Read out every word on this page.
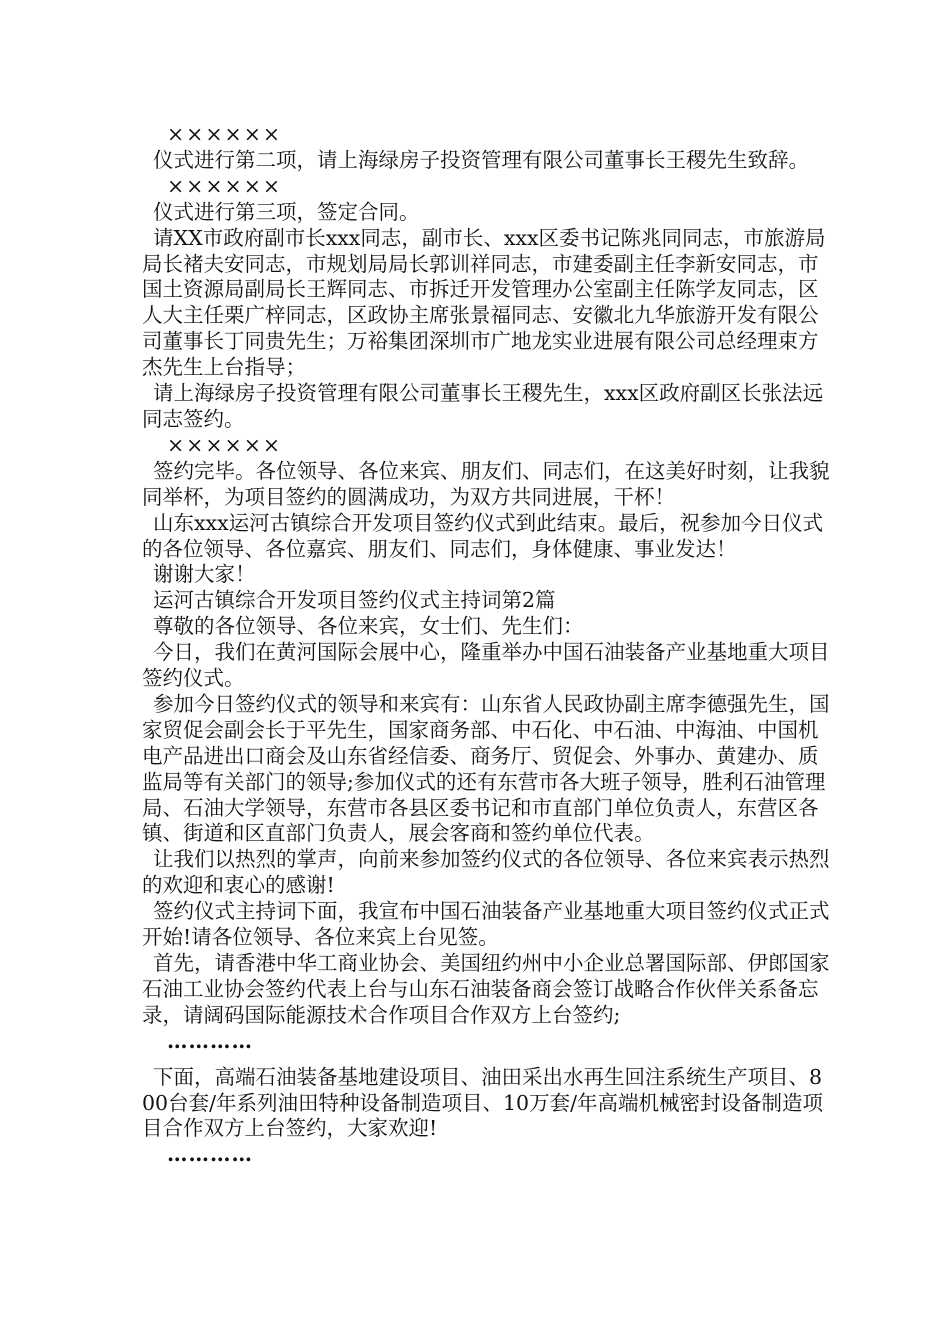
××××××

仪式进行第二项，请上海绿房子投资管理有限公司董事长王稷先生致辞。

××××××

仪式进行第三项，签定合同。

请XX市政府副市长xxx同志，副市长、xxx区委书记陈兆同同志，市旅游局局长褚夫安同志，市规划局局长郭训祥同志，市建委副主任李新安同志，市国土资源局副局长王辉同志、市拆迁开发管理办公室副主任陈学友同志，区人大主任栗广梓同志，区政协主席张景福同志、安徽北九华旅游开发有限公司董事长丁同贵先生；万裕集团深圳市广地龙实业进展有限公司总经理束方杰先生上台指导；

请上海绿房子投资管理有限公司董事长王稷先生，xxx区政府副区长张法远同志签约。

××××××

签约完毕。各位领导、各位来宾、朋友们、同志们，在这美好时刻，让我貌同举杯，为项目签约的圆满成功，为双方共同进展，干杯！

山东xxx运河古镇综合开发项目签约仪式到此结束。最后，祝参加今日仪式的各位领导、各位嘉宾、朋友们、同志们，身体健康、事业发达！

谢谢大家！

运河古镇综合开发项目签约仪式主持词第2篇

尊敬的各位领导、各位来宾，女士们、先生们：

今日，我们在黄河国际会展中心，隆重举办中国石油装备产业基地重大项目签约仪式。

参加今日签约仪式的领导和来宾有：山东省人民政协副主席李德强先生，国家贸促会副会长于平先生，国家商务部、中石化、中石油、中海油、中国机电产品进出口商会及山东省经信委、商务厅、贸促会、外事办、黄建办、质监局等有关部门的领导;参加仪式的还有东营市各大班子领导，胜利石油管理局、石油大学领导，东营市各县区委书记和市直部门单位负责人，东营区各镇、街道和区直部门负责人，展会客商和签约单位代表。

让我们以热烈的掌声，向前来参加签约仪式的各位领导、各位来宾表示热烈的欢迎和衷心的感谢!

签约仪式主持词下面，我宣布中国石油装备产业基地重大项目签约仪式正式开始!请各位领导、各位来宾上台见签。

首先，请香港中华工商业协会、美国纽约州中小企业总署国际部、伊郎国家石油工业协会签约代表上台与山东石油装备商会签订战略合作伙伴关系备忘录，请阔码国际能源技术合作项目合作双方上台签约;

…………

下面，高端石油装备基地建设项目、油田采出水再生回注系统生产项目、800台套/年系列油田特种设备制造项目、10万套/年高端机械密封设备制造项目合作双方上台签约，大家欢迎!

…………
